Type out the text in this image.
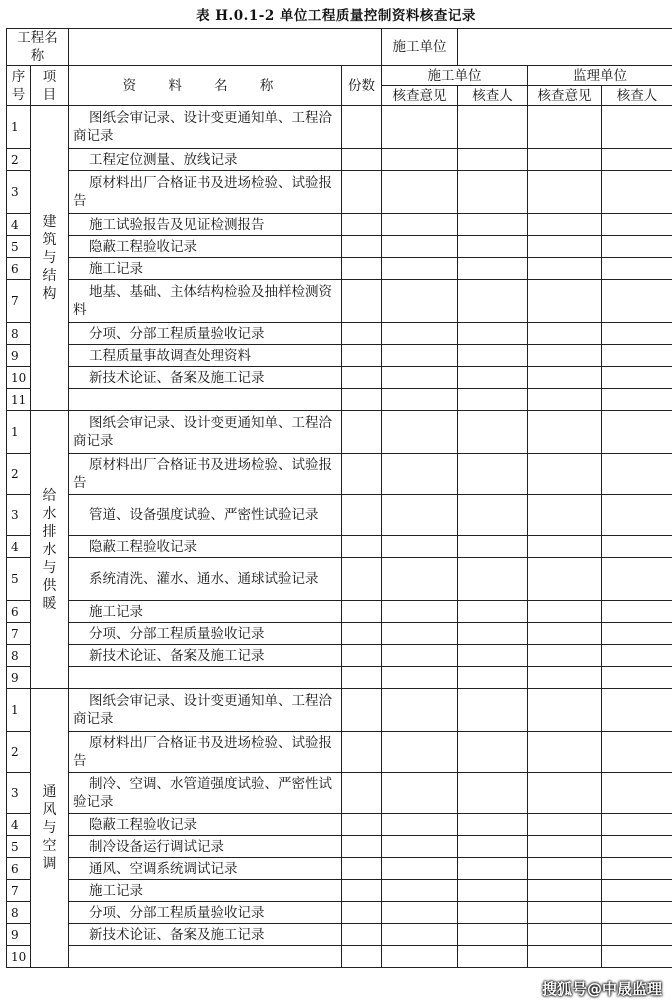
表 H.0.1-2 单位工程质量控制资料核查记录
工程名称				施工单位			
序号	项目	资 料 名 称	份数	施工单位		监理单位	
				核查意见	核查人	核查意见	核查人
1	建筑与结构	图纸会审记录、设计变更通知单、工程洽商记录					
2		工程定位测量、放线记录					
3		原材料出厂合格证书及进场检验、试验报告					
4		施工试验报告及见证检测报告					
5		隐蔽工程验收记录					
6		施工记录					
7		地基、基础、主体结构检验及抽样检测资料					
8		分项、分部工程质量验收记录					
9		工程质量事故调查处理资料					
10		新技术论证、备案及施工记录					
11							
1	给水排水与供暖	图纸会审记录、设计变更通知单、工程洽商记录					
2		原材料出厂合格证书及进场检验、试验报告					
3		管道、设备强度试验、严密性试验记录					
4		隐蔽工程验收记录					
5		系统清洗、灌水、通水、通球试验记录					
6		施工记录					
7		分项、分部工程质量验收记录					
8		新技术论证、备案及施工记录					
9							
1	通风与空调	图纸会审记录、设计变更通知单、工程洽商记录					
2		原材料出厂合格证书及进场检验、试验报告					
3		制冷、空调、水管道强度试验、严密性试验记录					
4		隐蔽工程验收记录					
5		制冷设备运行调试记录					
6		通风、空调系统调试记录					
7		施工记录					
8		分项、分部工程质量验收记录					
9		新技术论证、备案及施工记录					
10							
搜狐号@中晟监理
